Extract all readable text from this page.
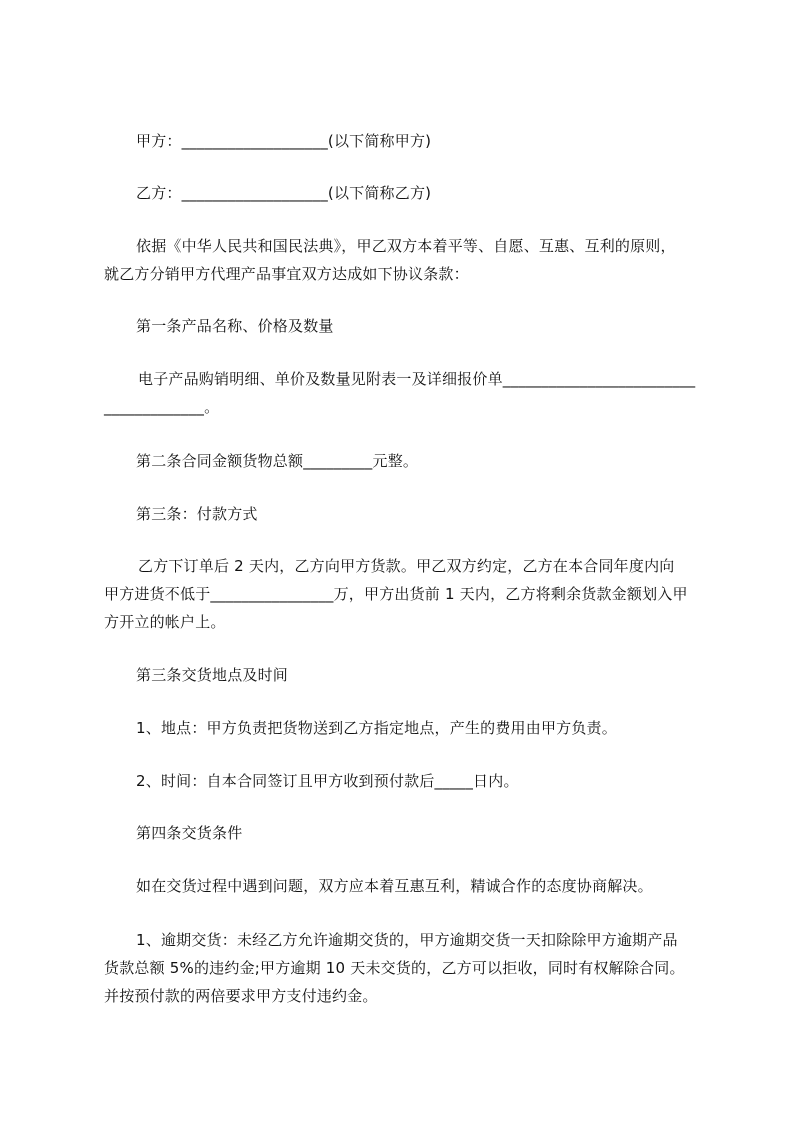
甲方：___________________(以下简称甲方)
乙方：___________________(以下简称乙方)
依据《中华人民共和国民法典》，甲乙双方本着平等、自愿、互惠、互利的原则，
就乙方分销甲方代理产品事宜双方达成如下协议条款：
第一条产品名称、价格及数量
电子产品购销明细、单价及数量见附表一及详细报价单_________________________
_____________。
第二条合同金额货物总额_________元整。
第三条：付款方式
乙方下订单后 2 天内，乙方向甲方货款。甲乙双方约定，乙方在本合同年度内向
甲方进货不低于________________万，甲方出货前 1 天内，乙方将剩余货款金额划入甲
方开立的帐户上。
第三条交货地点及时间
1、地点：甲方负责把货物送到乙方指定地点，产生的费用由甲方负责。
2、时间：自本合同签订且甲方收到预付款后_____日内。
第四条交货条件
如在交货过程中遇到问题，双方应本着互惠互利，精诚合作的态度协商解决。
1、逾期交货：未经乙方允许逾期交货的，甲方逾期交货一天扣除除甲方逾期产品
货款总额 5%的违约金;甲方逾期 10 天未交货的，乙方可以拒收，同时有权解除合同。
并按预付款的两倍要求甲方支付违约金。
